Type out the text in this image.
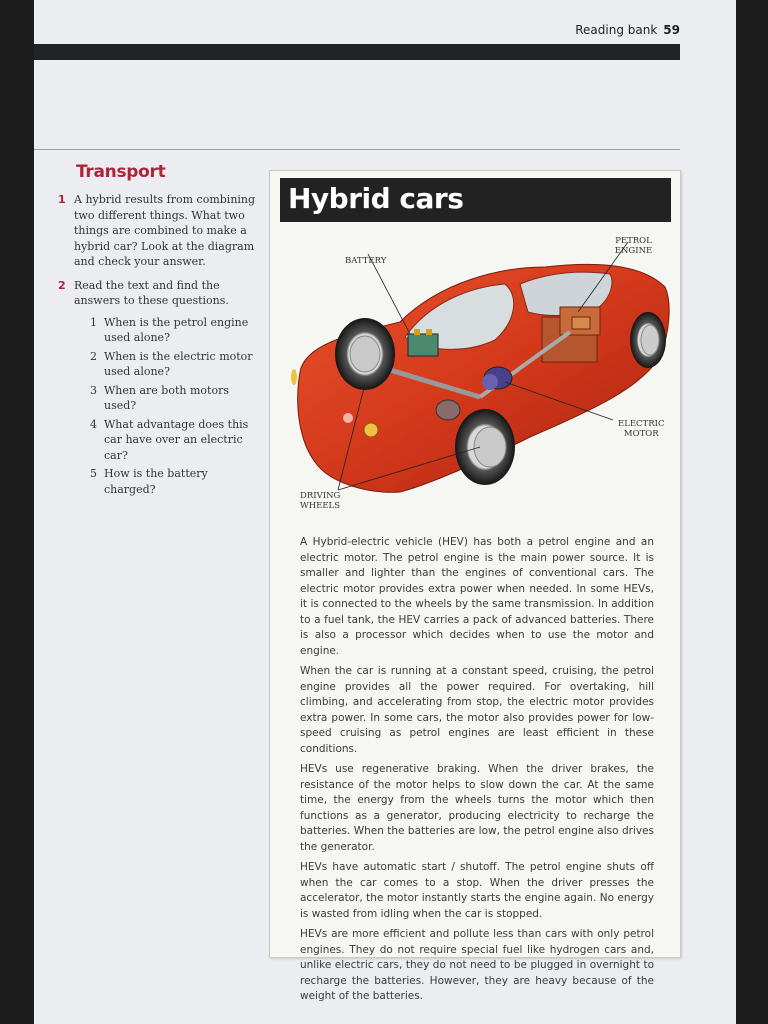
Reading bank 59
Transport
1 A hybrid results from combining two different things. What two things are combined to make a hybrid car? Look at the diagram and check your answer.
2 Read the text and find the answers to these questions.
1 When is the petrol engine used alone?
2 When is the electric motor used alone?
3 When are both motors used?
4 What advantage does this car have over an electric car?
5 How is the battery charged?
Hybrid cars
PETROL ENGINE
BATTERY
ELECTRIC
MOTOR
DRIVING
WHEELS

A Hybrid-electric vehicle (HEV) has both a petrol engine and an electric motor. The petrol engine is the main power source. It is smaller and lighter than the engines of conventional cars. The electric motor provides extra power when needed. In some HEVs, it is connected to the wheels by the same transmission. In addition to a fuel tank, the HEV carries a pack of advanced batteries. There is also a processor which decides when to use the motor and engine.

When the car is running at a constant speed, cruising, the petrol engine provides all the power required. For overtaking, hill climbing, and accelerating from stop, the electric motor provides extra power. In some cars, the motor also provides power for low-speed cruising as petrol engines are least efficient in these conditions.

HEVs use regenerative braking. When the driver brakes, the resistance of the motor helps to slow down the car. At the same time, the energy from the wheels turns the motor which then functions as a generator, producing electricity to recharge the batteries. When the batteries are low, the petrol engine also drives the generator.

HEVs have automatic start / shutoff. The petrol engine shuts off when the car comes to a stop. When the driver presses the accelerator, the motor instantly starts the engine again. No energy is wasted from idling when the car is stopped.

HEVs are more efficient and pollute less than cars with only petrol engines. They do not require special fuel like hydrogen cars and, unlike electric cars, they do not need to be plugged in overnight to recharge the batteries. However, they are heavy because of the weight of the batteries.
